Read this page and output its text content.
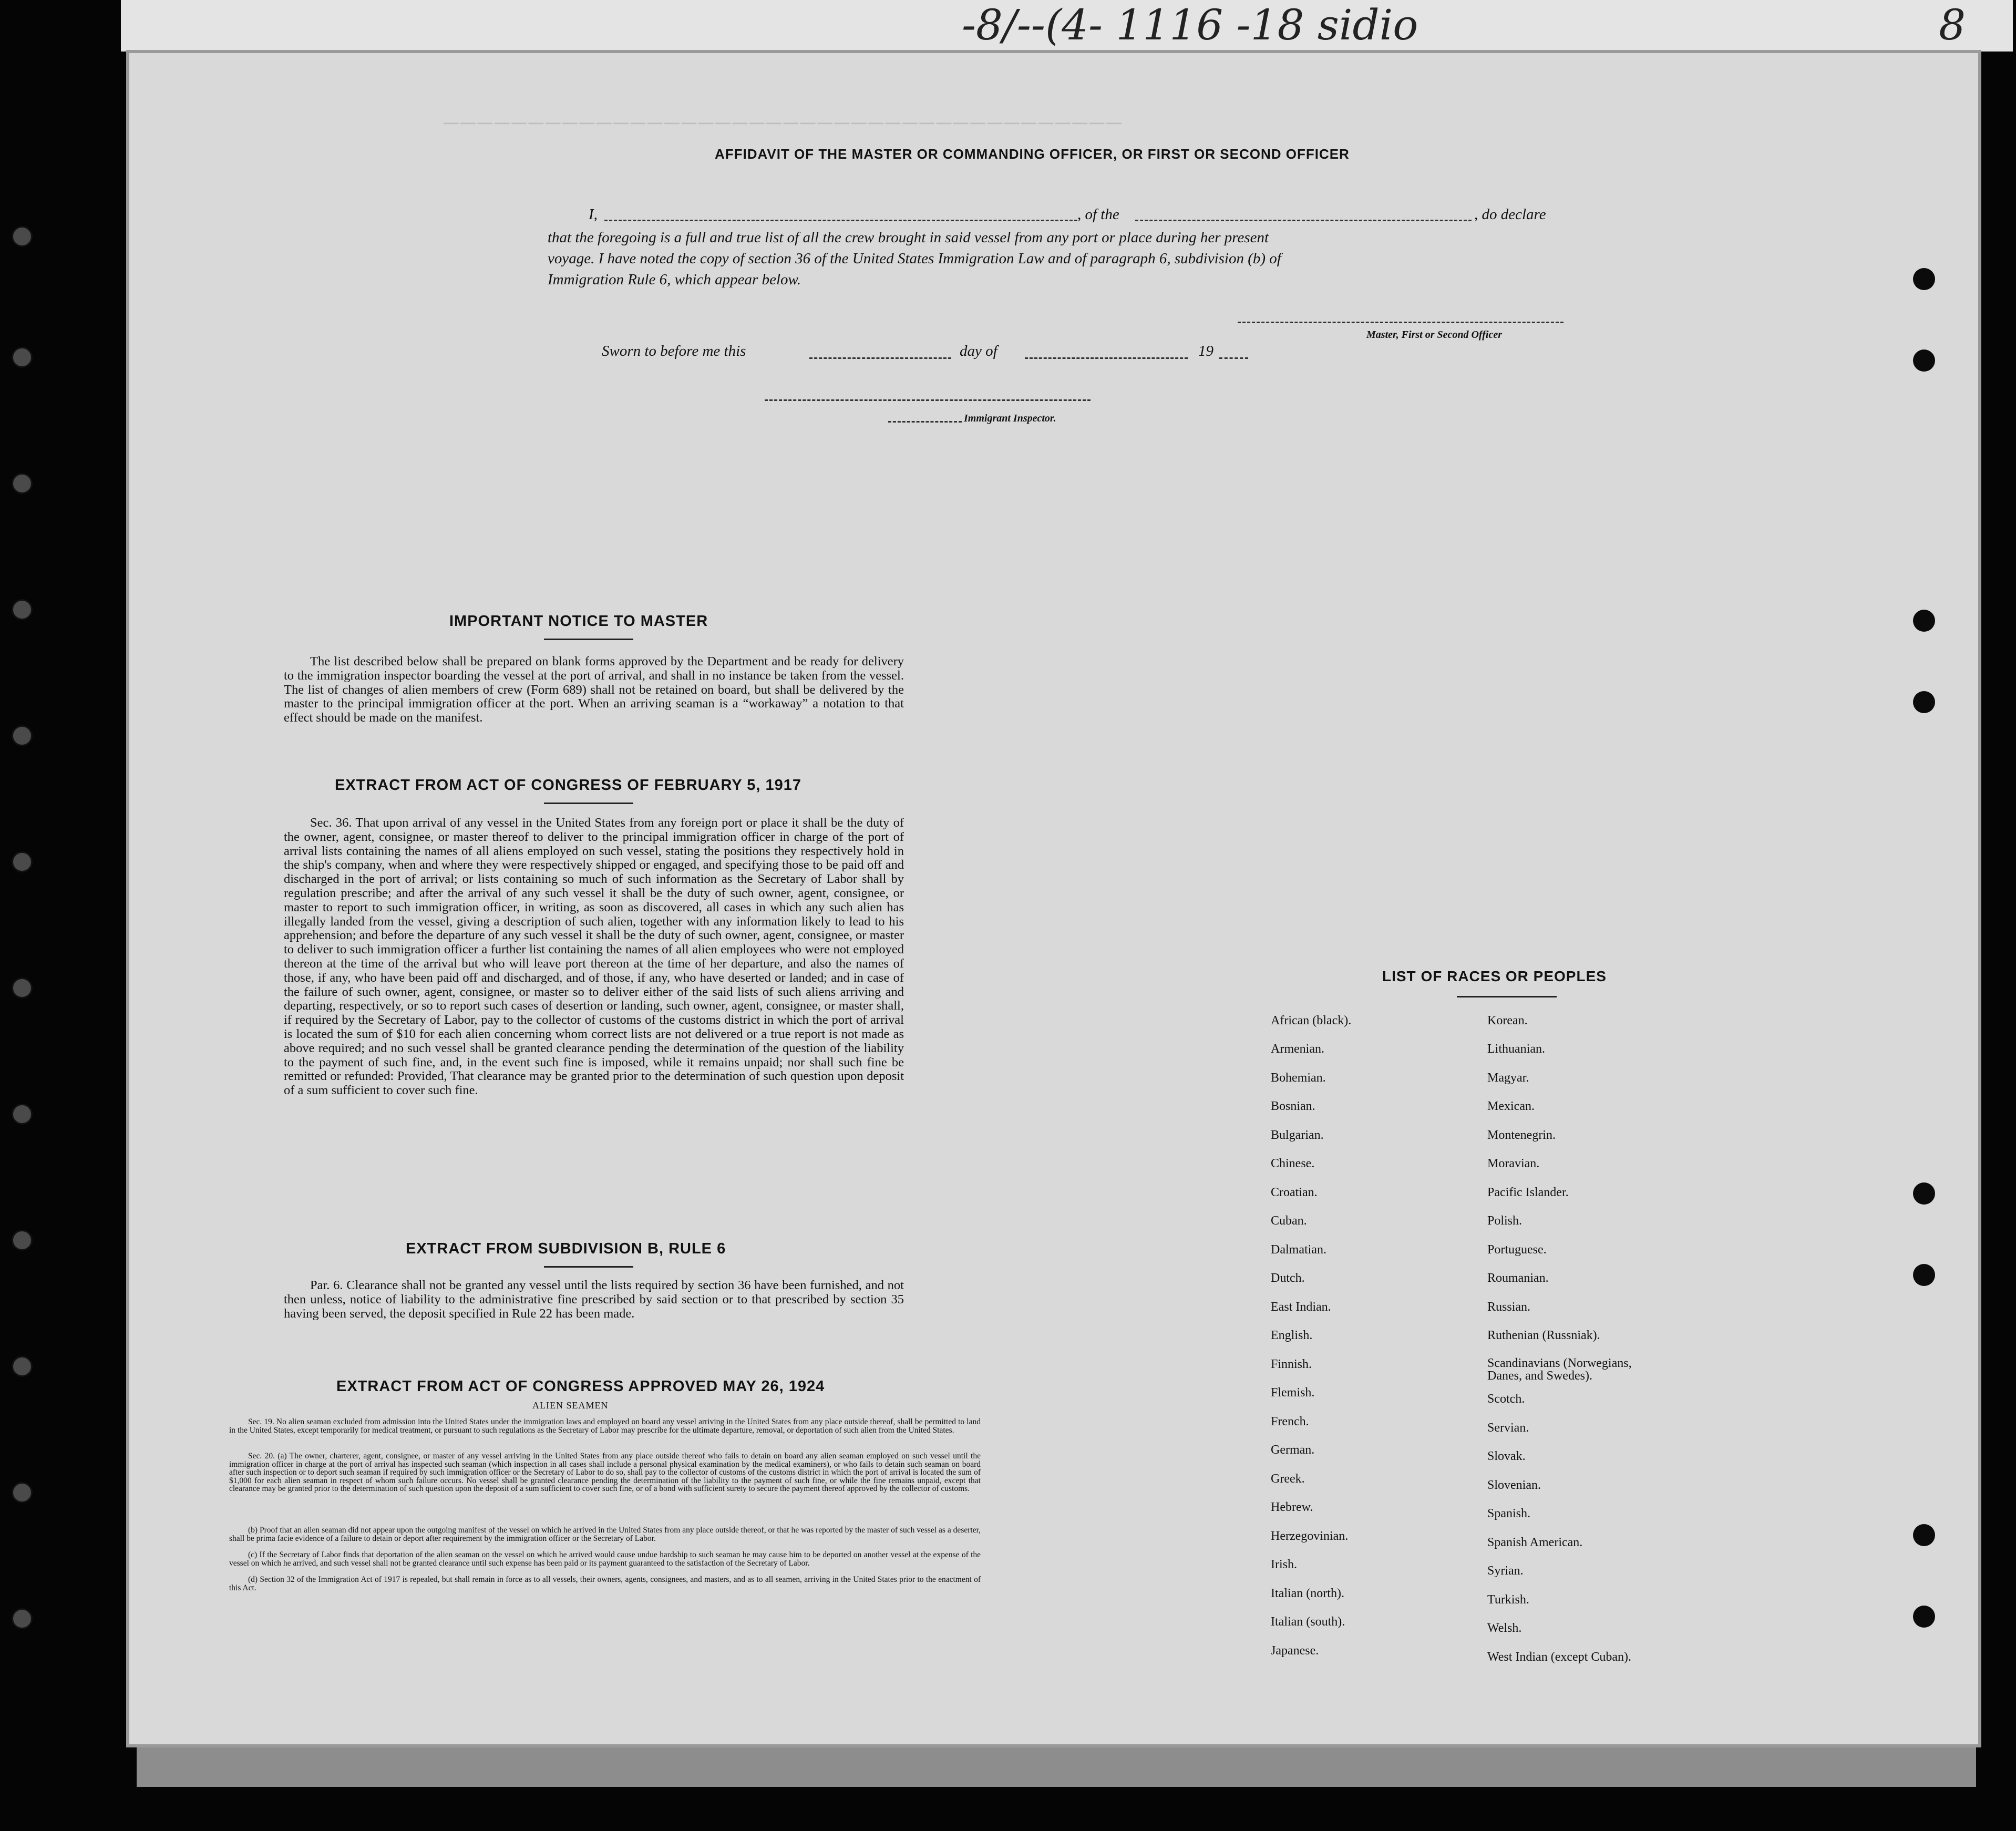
-8/--(4- 1116 -18 sidio	8
────────────────────────────────────────
AFFIDAVIT OF THE MASTER OR COMMANDING OFFICER, OR FIRST OR SECOND OFFICER
I,	, of the	, do declare
that the foregoing is a full and true list of all the crew brought in said vessel from any port or place during her present
voyage. I have noted the copy of section 36 of the United States Immigration Law and of paragraph 6, subdivision (b) of
Immigration Rule 6, which appear below.
Master, First or Second Officer
Sworn to before me this	day of	19
Immigrant Inspector.
IMPORTANT NOTICE TO MASTER
The list described below shall be prepared on blank forms approved by the Department and be ready for delivery to the immigration inspector boarding the vessel at the port of arrival, and shall in no instance be taken from the vessel. The list of changes of alien members of crew (Form 689) shall not be retained on board, but shall be delivered by the master to the principal immigration officer at the port. When an arriving seaman is a “workaway” a notation to that effect should be made on the manifest.
EXTRACT FROM ACT OF CONGRESS OF FEBRUARY 5, 1917
Sec. 36. That upon arrival of any vessel in the United States from any foreign port or place it shall be the duty of the owner, agent, consignee, or master thereof to deliver to the principal immigration officer in charge of the port of arrival lists containing the names of all aliens employed on such vessel, stating the positions they respectively hold in the ship's company, when and where they were respectively shipped or engaged, and specifying those to be paid off and discharged in the port of arrival; or lists containing so much of such information as the Secretary of Labor shall by regulation prescribe; and after the arrival of any such vessel it shall be the duty of such owner, agent, consignee, or master to report to such immigration officer, in writing, as soon as discovered, all cases in which any such alien has illegally landed from the vessel, giving a description of such alien, together with any information likely to lead to his apprehension; and before the departure of any such vessel it shall be the duty of such owner, agent, consignee, or master to deliver to such immigration officer a further list containing the names of all alien employees who were not employed thereon at the time of the arrival but who will leave port thereon at the time of her departure, and also the names of those, if any, who have been paid off and discharged, and of those, if any, who have deserted or landed; and in case of the failure of such owner, agent, consignee, or master so to deliver either of the said lists of such aliens arriving and departing, respectively, or so to report such cases of desertion or landing, such owner, agent, consignee, or master shall, if required by the Secretary of Labor, pay to the collector of customs of the customs district in which the port of arrival is located the sum of $10 for each alien concerning whom correct lists are not delivered or a true report is not made as above required; and no such vessel shall be granted clearance pending the determination of the question of the liability to the payment of such fine, and, in the event such fine is imposed, while it remains unpaid; nor shall such fine be remitted or refunded: Provided, That clearance may be granted prior to the determination of such question upon deposit of a sum sufficient to cover such fine.
EXTRACT FROM SUBDIVISION B, RULE 6
Par. 6. Clearance shall not be granted any vessel until the lists required by section 36 have been furnished, and not then unless, notice of liability to the administrative fine prescribed by said section or to that prescribed by section 35 having been served, the deposit specified in Rule 22 has been made.
EXTRACT FROM ACT OF CONGRESS APPROVED MAY 26, 1924
ALIEN SEAMEN
Sec. 19. No alien seaman excluded from admission into the United States under the immigration laws and employed on board any vessel arriving in the United States from any place outside thereof, shall be permitted to land in the United States, except temporarily for medical treatment, or pursuant to such regulations as the Secretary of Labor may prescribe for the ultimate departure, removal, or deportation of such alien from the United States.
Sec. 20. (a) The owner, charterer, agent, consignee, or master of any vessel arriving in the United States from any place outside thereof who fails to detain on board any alien seaman employed on such vessel until the immigration officer in charge at the port of arrival has inspected such seaman (which inspection in all cases shall include a personal physical examination by the medical examiners), or who fails to detain such seaman on board after such inspection or to deport such seaman if required by such immigration officer or the Secretary of Labor to do so, shall pay to the collector of customs of the customs district in which the port of arrival is located the sum of $1,000 for each alien seaman in respect of whom such failure occurs. No vessel shall be granted clearance pending the determination of the liability to the payment of such fine, or while the fine remains unpaid, except that clearance may be granted prior to the determination of such question upon the deposit of a sum sufficient to cover such fine, or of a bond with sufficient surety to secure the payment thereof approved by the collector of customs.
(b) Proof that an alien seaman did not appear upon the outgoing manifest of the vessel on which he arrived in the United States from any place outside thereof, or that he was reported by the master of such vessel as a deserter, shall be prima facie evidence of a failure to detain or deport after requirement by the immigration officer or the Secretary of Labor.
(c) If the Secretary of Labor finds that deportation of the alien seaman on the vessel on which he arrived would cause undue hardship to such seaman he may cause him to be deported on another vessel at the expense of the vessel on which he arrived, and such vessel shall not be granted clearance until such expense has been paid or its payment guaranteed to the satisfaction of the Secretary of Labor.
(d) Section 32 of the Immigration Act of 1917 is repealed, but shall remain in force as to all vessels, their owners, agents, consignees, and masters, and as to all seamen, arriving in the United States prior to the enactment of this Act.
LIST OF RACES OR PEOPLES
African (black).
Armenian.
Bohemian.
Bosnian.
Bulgarian.
Chinese.
Croatian.
Cuban.
Dalmatian.
Dutch.
East Indian.
English.
Finnish.
Flemish.
French.
German.
Greek.
Hebrew.
Herzegovinian.
Irish.
Italian (north).
Italian (south).
Japanese.
Korean.
Lithuanian.
Magyar.
Mexican.
Montenegrin.
Moravian.
Pacific Islander.
Polish.
Portuguese.
Roumanian.
Russian.
Ruthenian (Russniak).
Scandinavians (Norwegians, Danes, and Swedes).
Scotch.
Servian.
Slovak.
Slovenian.
Spanish.
Spanish American.
Syrian.
Turkish.
Welsh.
West Indian (except Cuban).
